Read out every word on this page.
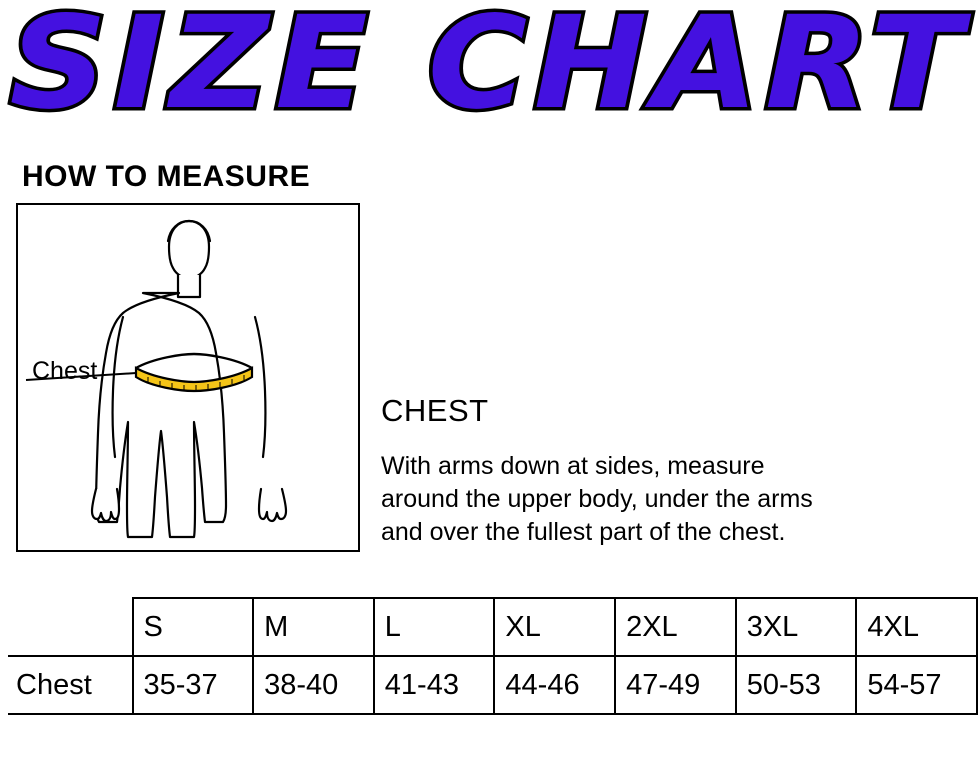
SIZE CHART
HOW TO MEASURE
Chest
CHEST
With arms down at sides, measure
around the upper body, under the arms
and over the fullest part of the chest.
	S	M	L	XL	2XL	3XL	4XL
Chest	35-37	38-40	41-43	44-46	47-49	50-53	54-57
